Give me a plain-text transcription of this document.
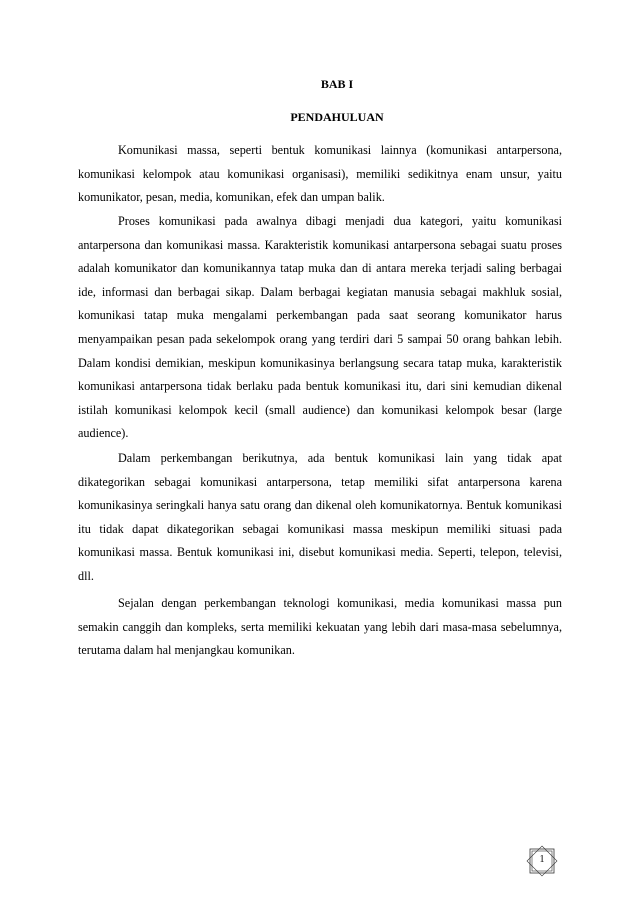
BAB I
PENDAHULUAN

Komunikasi massa, seperti bentuk komunikasi lainnya (komunikasi antarpersona, komunikasi kelompok atau komunikasi organisasi), memiliki sedikitnya enam unsur, yaitu komunikator, pesan, media, komunikan, efek dan umpan balik.

Proses komunikasi pada awalnya dibagi menjadi dua kategori, yaitu komunikasi antarpersona dan komunikasi massa. Karakteristik komunikasi antarpersona sebagai suatu proses adalah komunikator dan komunikannya tatap muka dan di antara mereka terjadi saling berbagai ide, informasi dan berbagai sikap. Dalam berbagai kegiatan manusia sebagai makhluk sosial, komunikasi tatap muka mengalami perkembangan pada saat seorang komunikator harus menyampaikan pesan pada sekelompok orang yang terdiri dari 5 sampai 50 orang bahkan lebih. Dalam kondisi demikian, meskipun komunikasinya berlangsung secara tatap muka, karakteristik komunikasi antarpersona tidak berlaku pada bentuk komunikasi itu, dari sini kemudian dikenal istilah komunikasi kelompok kecil (small audience) dan komunikasi kelompok besar (large audience).

Dalam perkembangan berikutnya, ada bentuk komunikasi lain yang tidak apat dikategorikan sebagai komunikasi antarpersona, tetap memiliki sifat antarpersona karena komunikasinya seringkali hanya satu orang dan dikenal oleh komunikatornya. Bentuk komunikasi itu tidak dapat dikategorikan sebagai komunikasi massa meskipun memiliki situasi pada komunikasi massa. Bentuk komunikasi ini, disebut komunikasi media. Seperti, telepon, televisi, dll.

Sejalan dengan perkembangan teknologi komunikasi, media komunikasi massa pun semakin canggih dan kompleks, serta memiliki kekuatan yang lebih dari masa-masa sebelumnya, terutama dalam hal menjangkau komunikan.

1
